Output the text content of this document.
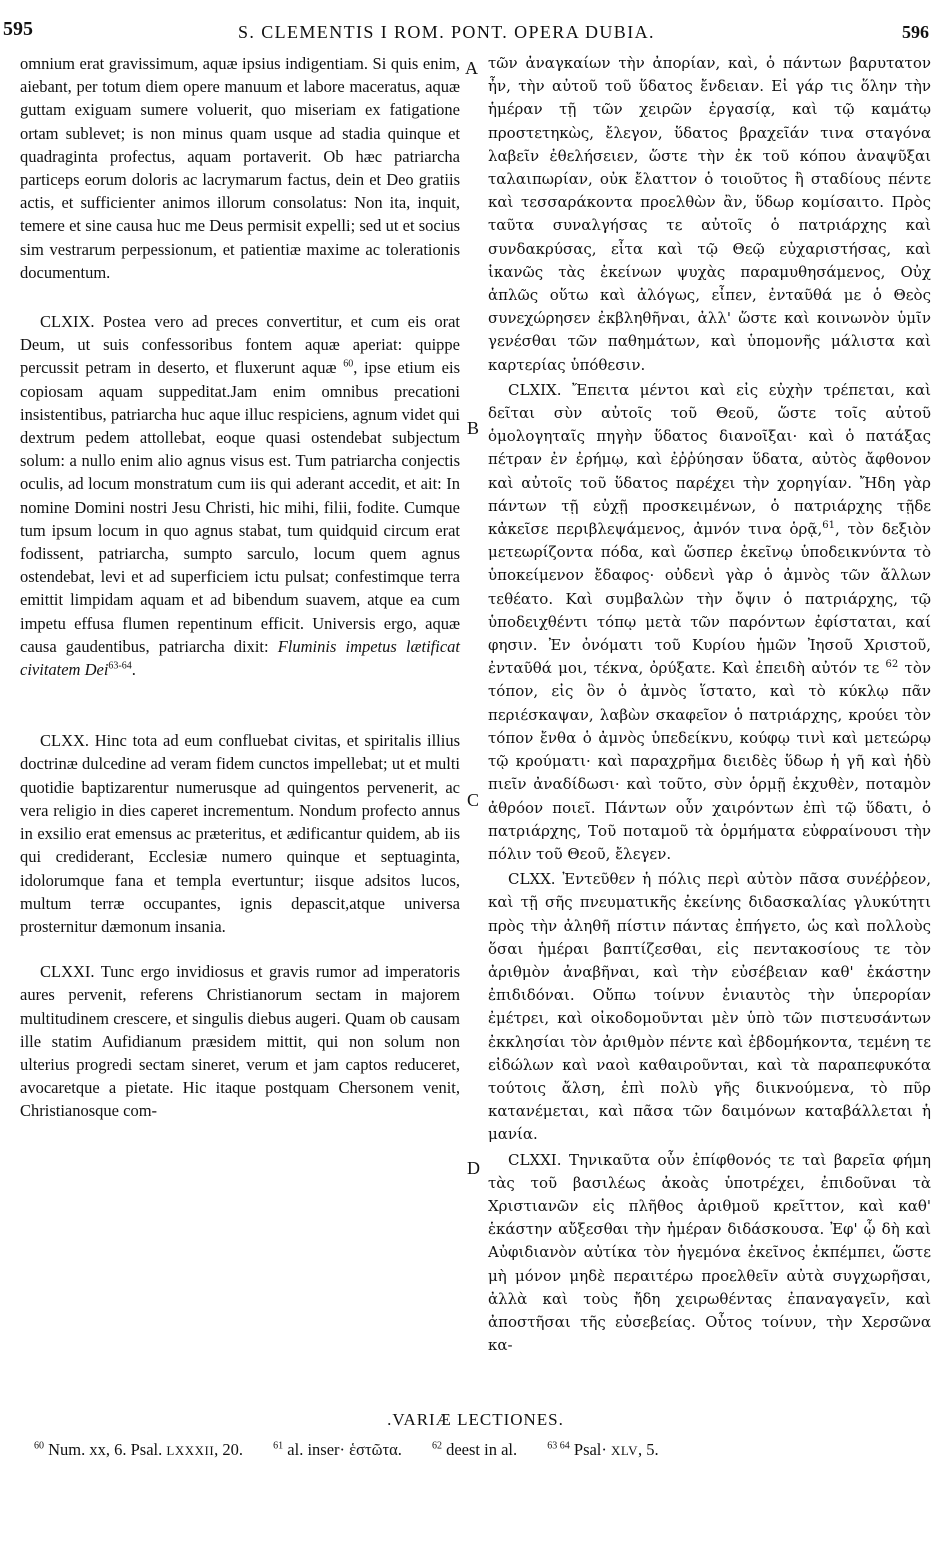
595	S. CLEMENTIS I ROM. PONT. OPERA DUBIA.	596
A
B
C
D

omnium erat gravissimum, aquæ ipsius indigentiam. Si quis enim, aiebant, per totum diem opere manuum et labore maceratus, aquæ guttam exiguam sumere voluerit, quo miseriam ex fatigatione ortam sublevet; is non minus quam usque ad stadia quinque et quadraginta profectus, aquam portaverit. Ob hæc patriarcha particeps eorum doloris ac lacrymarum factus, dein et Deo gratiis actis, et sufficienter animos illorum consolatus: Non ita, inquit, temere et sine causa huc me Deus permisit expelli; sed ut et socius sim vestrarum perpessionum, et patientiæ maxime ac tolerationis documentum.

CLXIX. Postea vero ad preces convertitur, et cum eis orat Deum, ut suis confessoribus fontem aquæ aperiat: quippe percussit petram in deserto, et fluxerunt aquæ $^{60}$, ipse etium eis copiosam aquam suppeditat.Jam enim omnibus precationi insistentibus, patriarcha huc aque illuc respiciens, agnum videt qui dextrum pedem attollebat, eoque quasi ostendebat subjectum solum: a nullo enim alio agnus visus est. Tum patriarcha conjectis oculis, ad locum monstratum cum iis qui aderant accedit, et ait: In nomine Domini nostri Jesu Christi, hic mihi, filii, fodite. Cumque tum ipsum locum in quo agnus stabat, tum quidquid circum erat fodissent, patriarcha, sumpto sarculo, locum quem agnus ostendebat, levi et ad superficiem ictu pulsat; confestimque terra emittit limpidam aquam et ad bibendum suavem, atque ea cum impetu effusa flumen repentinum efficit. Universis ergo, aquæ causa gaudentibus, patriarcha dixit: Fluminis impetus lætificat civitatem Dei$^{63-64}$.

CLXX. Hinc tota ad eum confluebat civitas, et spiritalis illius doctrinæ dulcedine ad veram fidem cunctos impellebat; ut et multi quotidie baptizarentur numerusque ad quingentos pervenerit, ac vera religio in dies caperet incrementum. Nondum profecto annus in exsilio erat emensus ac præteritus, et ædificantur quidem, ab iis qui crediderant, Ecclesiæ numero quinque et septuaginta, idolorumque fana et templa evertuntur; iisque adsitos lucos, multum terræ occupantes, ignis depascit,atque universa prosternitur dæmonum insania.

CLXXI. Tunc ergo invidiosus et gravis rumor ad imperatoris aures pervenit, referens Christianorum sectam in majorem multitudinem crescere, et singulis diebus augeri. Quam ob causam ille statim Aufidianum præsidem mittit, qui non solum non ulterius progredi sectam sineret, verum et jam captos reduceret, avocaretque a pietate. Hic itaque postquam Chersonem venit, Christianosque com-

τῶν ἀναγκαίων τὴν ἀπορίαν, καὶ, ὁ πάντων βαρυτατον ἦν, τὴν αὐτοῦ τοῦ ὕδατος ἔνδειαν. Εἰ γάρ τις ὅλην τὴν ἡμέραν τῇ τῶν χειρῶν ἐργασίᾳ, καὶ τῷ καμάτῳ προστετηκὼς, ἔλεγον, ὕδατος βραχεῖάν τινα σταγόνα λαβεῖν ἐθελήσειεν, ὥστε τὴν ἐκ τοῦ κόπου ἀναψῦξαι ταλαιπωρίαν, οὐκ ἔλαττον ὁ τοιοῦτος ἢ σταδίους πέντε καὶ τεσσαράκοντα προελθὼν ἂν, ὕδωρ κομίσαιτο. Πρὸς ταῦτα συναλγήσας τε αὐτοῖς ὁ πατριάρχης καὶ συνδακρύσας, εἶτα καὶ τῷ Θεῷ εὐχαριστήσας, καὶ ἱκανῶς τὰς ἐκείνων ψυχὰς παραμυθησάμενος, Οὐχ ἁπλῶς οὕτω καὶ ἀλόγως, εἶπεν, ἐνταῦθά με ὁ Θεὸς συνεχώρησεν ἐκβληθῆναι, ἀλλ' ὥστε καὶ κοινωνὸν ὑμῖν γενέσθαι τῶν παθημάτων, καὶ ὑπομονῆς μάλιστα καὶ καρτερίας ὑπόθεσιν.

CLXIX. Ἔπειτα μέντοι καὶ εἰς εὐχὴν τρέπεται, καὶ δεῖται σὺν αὐτοῖς τοῦ Θεοῦ, ὥστε τοῖς αὐτοῦ ὁμολογηταῖς πηγὴν ὕδατος διανοῖξαι· καὶ ὁ πατάξας πέτραν ἐν ἐρήμῳ, καὶ ἐῤῥύησαν ὕδατα, αὐτὸς ἄφθονον καὶ αὐτοῖς τοῦ ὕδατος παρέχει τὴν χορηγίαν. Ἤδη γὰρ πάντων τῇ εὐχῇ προσκειμένων, ὁ πατριάρχης τῇδε κἀκεῖσε περιβλεψάμενος, ἀμνόν τινα ὁρᾷ,$^{61}$, τὸν δεξιὸν μετεωρίζοντα πόδα, καὶ ὥσπερ ἐκεῖνῳ ὑποδεικνύντα τὸ ὑποκείμενον ἔδαφος· οὐδενὶ γὰρ ὁ ἀμνὸς τῶν ἄλλων τεθέατο. Καὶ συμβαλὼν τὴν ὄψιν ὁ πατριάρχης, τῷ ὑποδειχθέντι τόπῳ μετὰ τῶν παρόντων ἐφίσταται, καί φησιν. Ἐν ὀνόματι τοῦ Κυρίου ἡμῶν Ἰησοῦ Χριστοῦ, ἐνταῦθά μοι, τέκνα, ὀρύξατε. Καὶ ἐπειδὴ αὐτόν τε $^{62}$ τὸν τόπον, εἰς ὃν ὁ ἀμνὸς ἵστατο, καὶ τὸ κύκλῳ πᾶν περιέσκαψαν, λαβὼν σκαφεῖον ὁ πατριάρχης, κρούει τὸν τόπον ἔνθα ὁ ἀμνὸς ὑπεδείκνυ, κούφῳ τινὶ καὶ μετεώρῳ τῷ κρούματι· καὶ παραχρῆμα διειδὲς ὕδωρ ἡ γῆ καὶ ἡδὺ πιεῖν ἀναδίδωσι· καὶ τοῦτο, σὺν ὁρμῇ ἐκχυθὲν, ποταμὸν ἀθρόον ποιεῖ. Πάντων οὖν χαιρόντων ἐπὶ τῷ ὕδατι, ὁ πατριάρχης, Τοῦ ποταμοῦ τὰ ὁρμήματα εὐφραίνουσι τὴν πόλιν τοῦ Θεοῦ, ἔλεγεν.

CLXX. Ἐντεῦθεν ἡ πόλις περὶ αὐτὸν πᾶσα συνέῤῥεον, καὶ τῇ σῆς πνευματικῆς ἐκείνης διδασκαλίας γλυκύτητι πρὸς τὴν ἀληθῆ πίστιν πάντας ἐπήγετο, ὡς καὶ πολλοὺς ὅσαι ἡμέραι βαπτίζεσθαι, εἰς πεντακοσίους τε τὸν ἀριθμὸν ἀναβῆναι, καὶ τὴν εὐσέβειαν καθ' ἑκάστην ἐπιδιδόναι. Οὔπω τοίνυν ἐνιαυτὸς τὴν ὑπερορίαν ἐμέτρει, καὶ οἰκοδομοῦνται μὲν ὑπὸ τῶν πιστευσάντων ἐκκλησίαι τὸν ἀριθμὸν πέντε καὶ ἑβδομήκοντα, τεμένη τε εἰδώλων καὶ ναοὶ καθαιροῦνται, καὶ τὰ παραπεφυκότα τούτοις ἄλση, ἐπὶ πολὺ γῆς διικνούμενα, τὸ πῦρ κατανέμεται, καὶ πᾶσα τῶν δαιμόνων καταβάλλεται ἡ μανία.

CLXXI. Τηνικαῦτα οὖν ἐπίφθονός τε ταὶ βαρεῖα φήμη τὰς τοῦ βασιλέως ἀκοὰς ὑποτρέχει, ἐπιδοῦναι τὰ Χριστιανῶν εἰς πλῆθος ἀριθμοῦ κρεῖττον, καὶ καθ' ἑκάστην αὔξεσθαι τὴν ἡμέραν διδάσκουσα. Ἐφ' ᾧ δὴ καὶ Αὐφιδιανὸν αὐτίκα τὸν ἡγεμόνα ἐκεῖνος ἐκπέμπει, ὥστε μὴ μόνον μηδὲ περαιτέρω προελθεῖν αὐτὰ συγχωρῆσαι, ἀλλὰ καὶ τοὺς ἤδη χειρωθέντας ἐπαναγαγεῖν, καὶ ἀποστῆσαι τῆς εὐσεβείας. Οὗτος τοίνυν, τὴν Χερσῶνα κα-

.VARIÆ LECTIONES.
$^{60}$ Num. xx, 6. Psal. LXXXII, 20.	$^{61}$ al. inser· ἑστῶτα.	$^{62}$ deest in al.	$^{63 64}$ Psal· XLV, 5.
